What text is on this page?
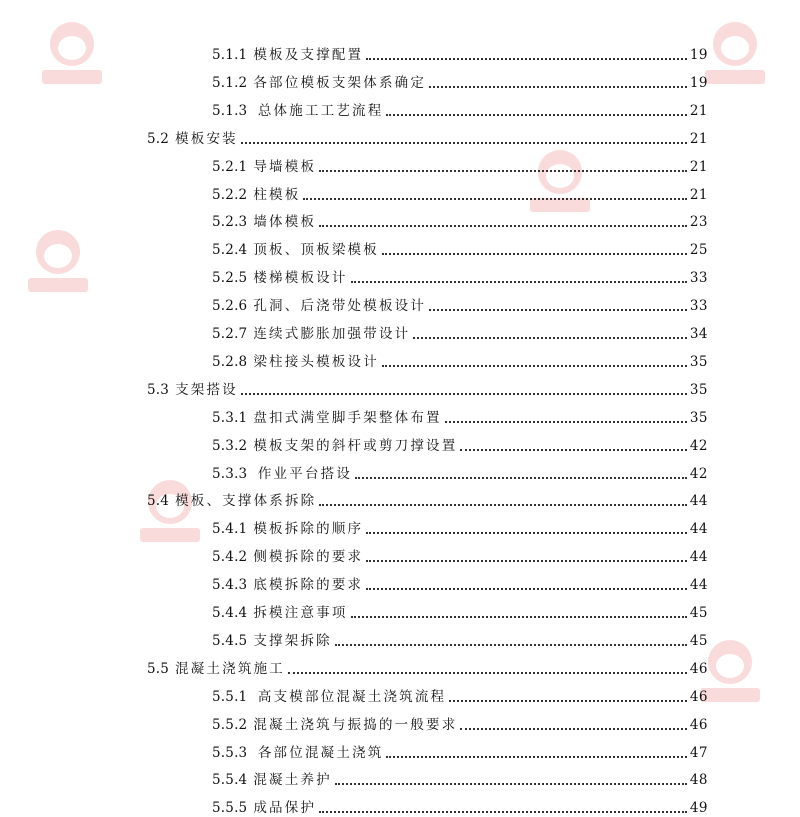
5.1.1 模板及支撑配置	19
5.1.2 各部位模板支架体系确定	19
5.1.3 总体施工工艺流程	21
5.2 模板安装	21
5.2.1 导墙模板	21
5.2.2 柱模板	21
5.2.3 墙体模板	23
5.2.4 顶板、顶板梁模板	25
5.2.5 楼梯模板设计	33
5.2.6 孔洞、后浇带处模板设计	33
5.2.7 连续式膨胀加强带设计	34
5.2.8 梁柱接头模板设计	35
5.3 支架搭设	35
5.3.1 盘扣式满堂脚手架整体布置	35
5.3.2 模板支架的斜杆或剪刀撑设置	42
5.3.3 作业平台搭设	42
5.4 模板、支撑体系拆除	44
5.4.1 模板拆除的顺序	44
5.4.2 侧模拆除的要求	44
5.4.3 底模拆除的要求	44
5.4.4 拆模注意事项	45
5.4.5 支撑架拆除	45
5.5 混凝土浇筑施工	46
5.5.1 高支模部位混凝土浇筑流程	46
5.5.2 混凝土浇筑与振捣的一般要求	46
5.5.3 各部位混凝土浇筑	47
5.5.4 混凝土养护	48
5.5.5 成品保护	49
